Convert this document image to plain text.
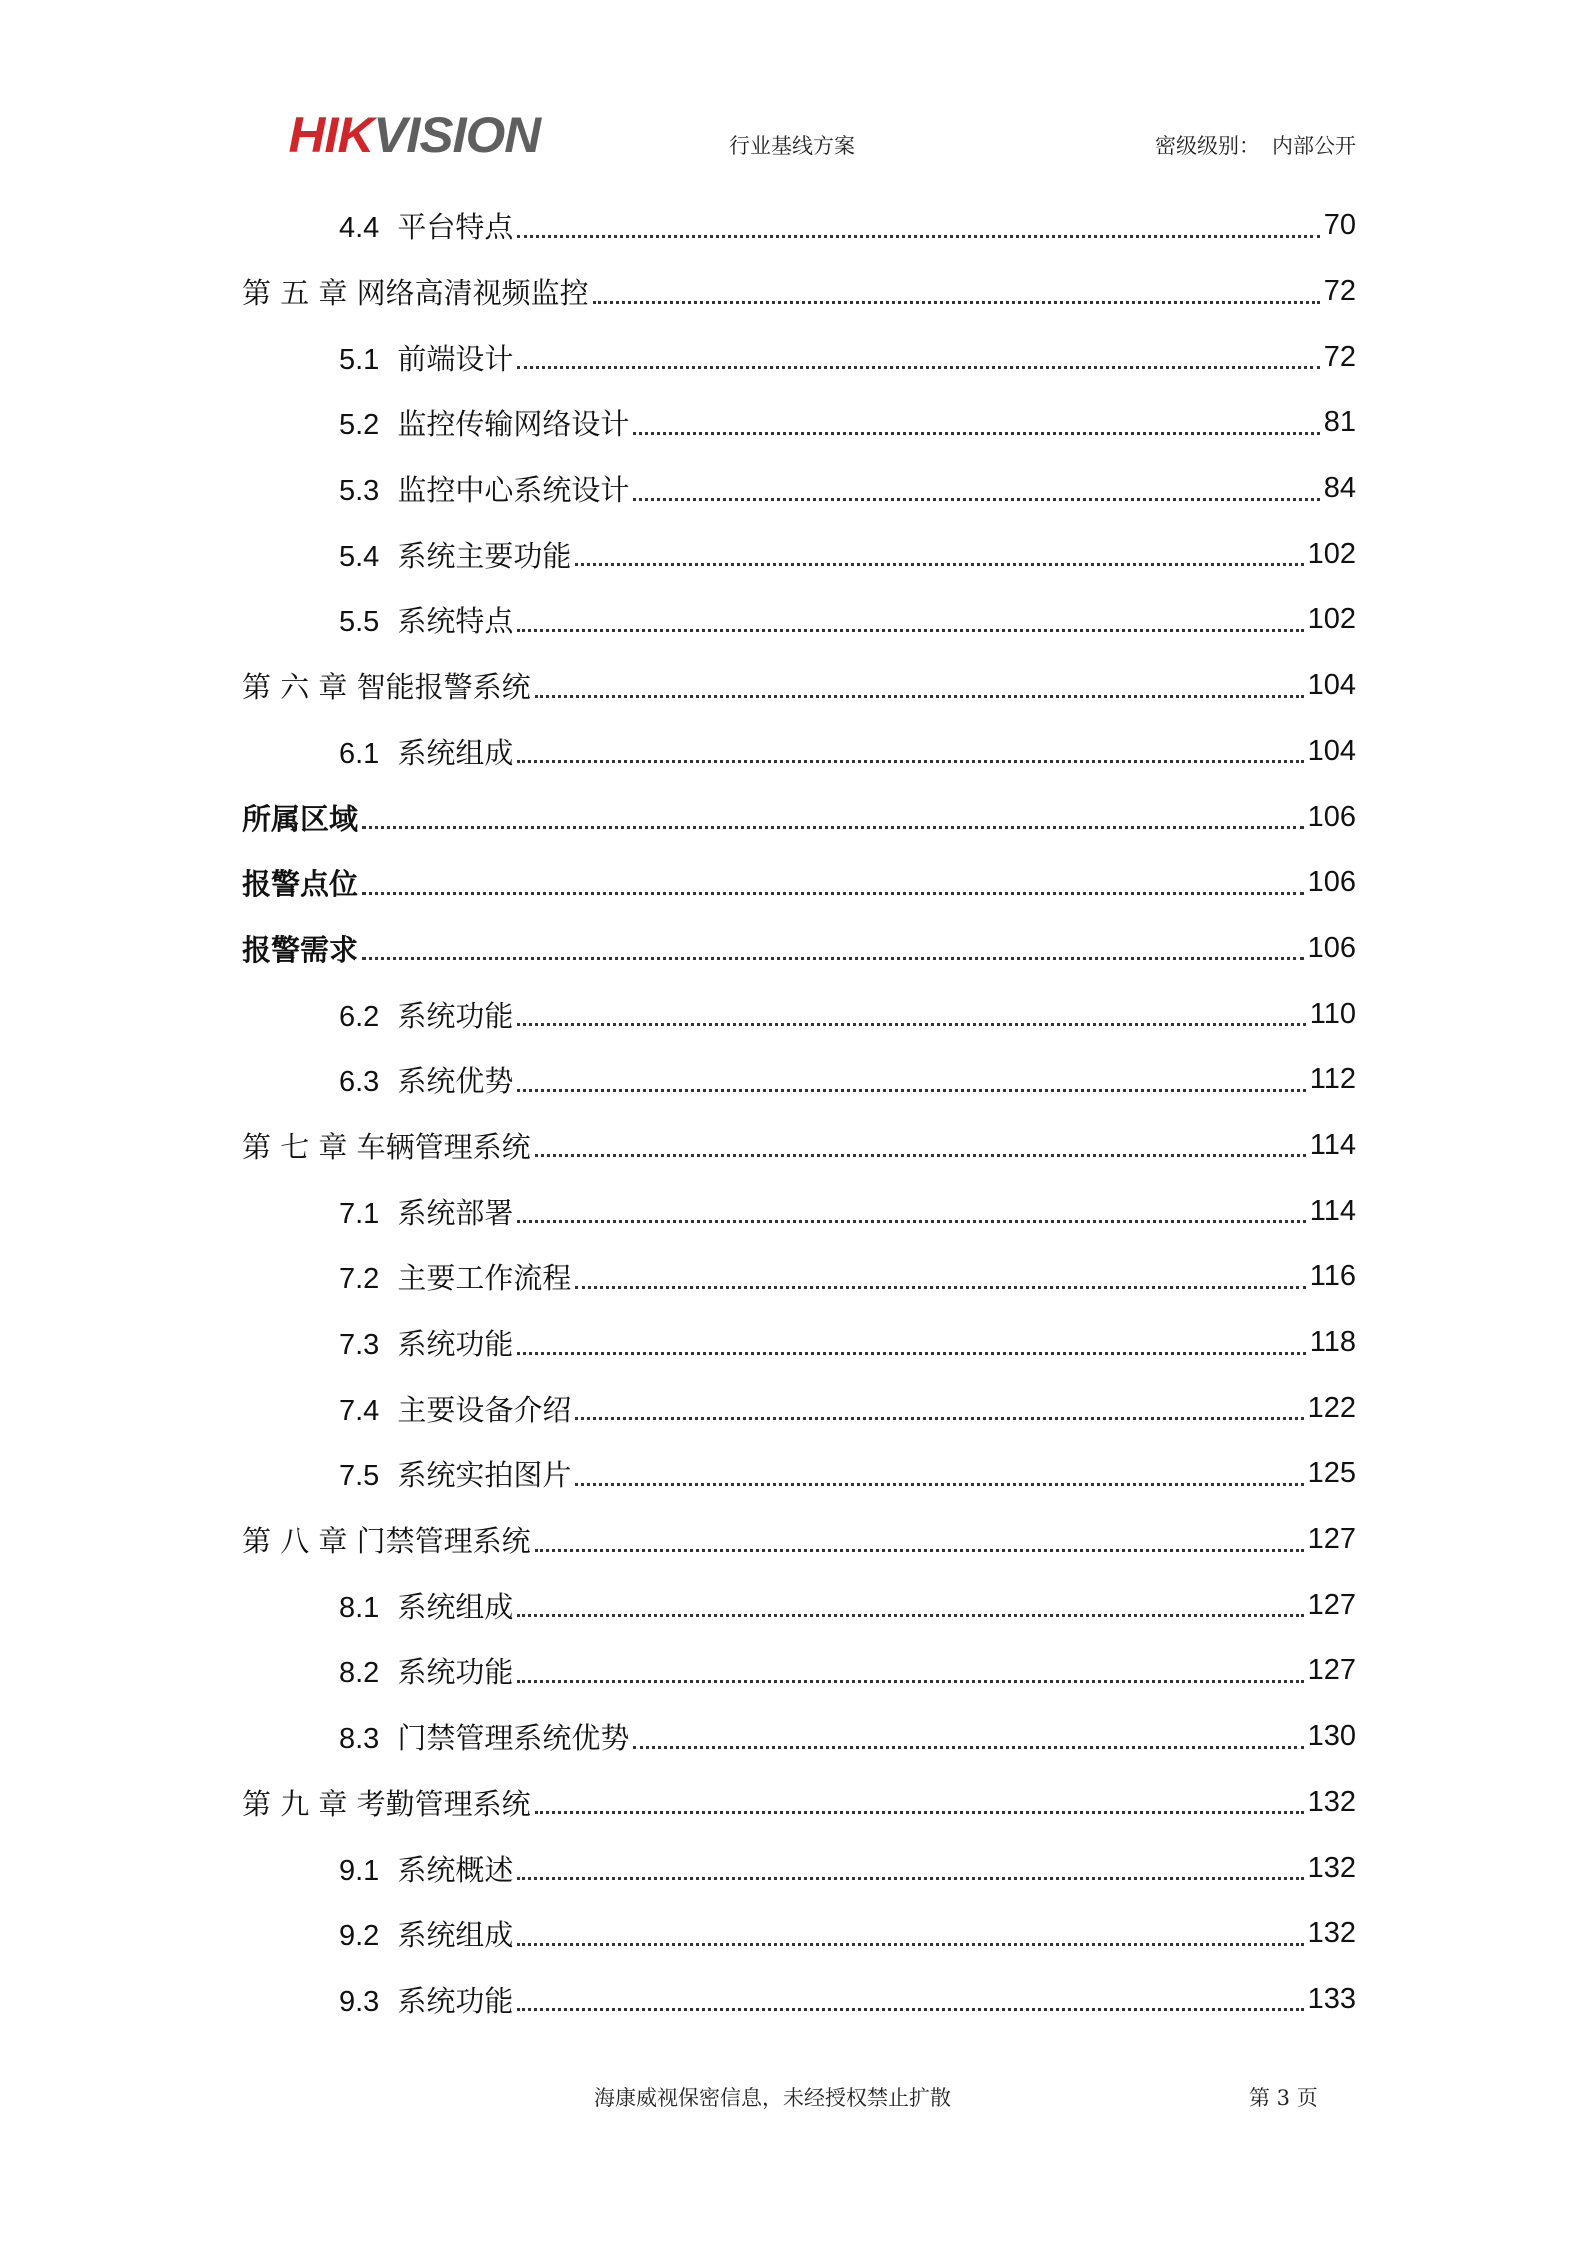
HIKVISION	行业基线方案	密级级别： 内部公开
4.4 平台特点	70
第 五 章 网络高清视频监控	72
5.1 前端设计	72
5.2 监控传输网络设计	81
5.3 监控中心系统设计	84
5.4 系统主要功能	102
5.5 系统特点	102
第 六 章 智能报警系统	104
6.1 系统组成	104
所属区域	106
报警点位	106
报警需求	106
6.2 系统功能	110
6.3 系统优势	112
第 七 章 车辆管理系统	114
7.1 系统部署	114
7.2 主要工作流程	116
7.3 系统功能	118
7.4 主要设备介绍	122
7.5 系统实拍图片	125
第 八 章 门禁管理系统	127
8.1 系统组成	127
8.2 系统功能	127
8.3 门禁管理系统优势	130
第 九 章 考勤管理系统	132
9.1 系统概述	132
9.2 系统组成	132
9.3 系统功能	133
海康威视保密信息，未经授权禁止扩散	第 3 页
